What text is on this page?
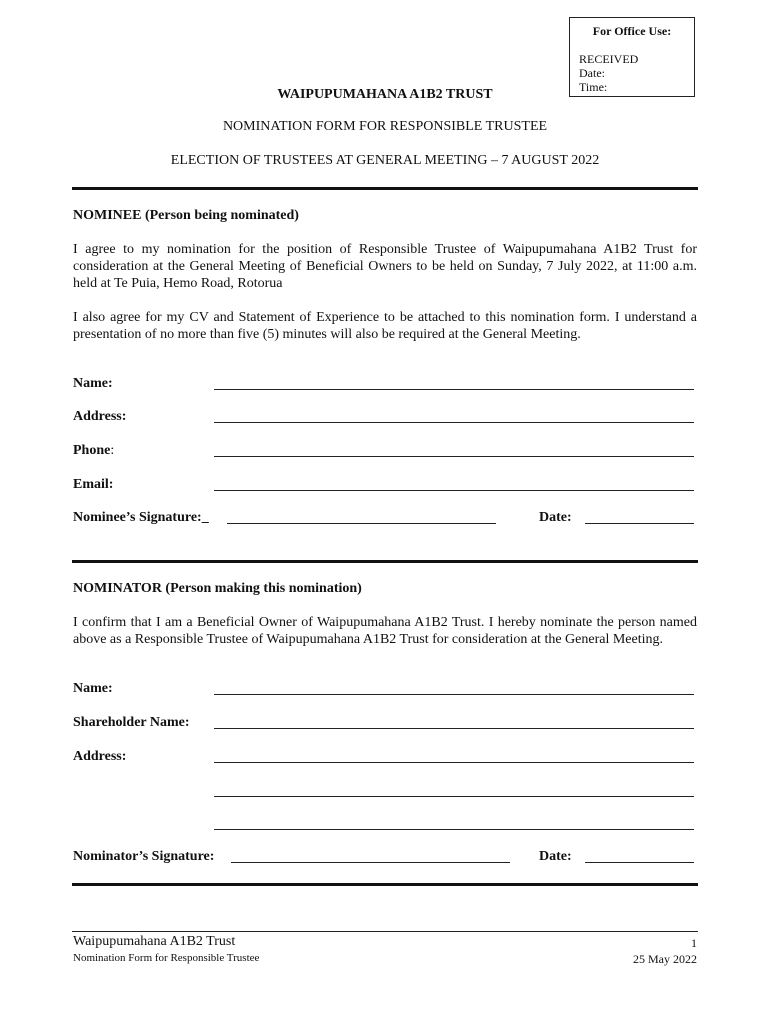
For Office Use:
RECEIVED
Date:
Time:
WAIPUPUMAHANA A1B2 TRUST
NOMINATION FORM FOR RESPONSIBLE TRUSTEE
ELECTION OF TRUSTEES AT GENERAL MEETING – 7 AUGUST 2022
NOMINEE (Person being nominated)
I agree to my nomination for the position of Responsible Trustee of Waipupumahana A1B2 Trust for consideration at the General Meeting of Beneficial Owners to be held on Sunday, 7 July 2022, at 11:00 a.m. held at Te Puia, Hemo Road, Rotorua
I also agree for my CV and Statement of Experience to be attached to this nomination form. I understand a presentation of no more than five (5) minutes will also be required at the General Meeting.
Name:
Address:
Phone:
Email:
Nominee’s Signature:_	Date:
NOMINATOR (Person making this nomination)
I confirm that I am a Beneficial Owner of Waipupumahana A1B2 Trust. I hereby nominate the person named above as a Responsible Trustee of Waipupumahana A1B2 Trust for consideration at the General Meeting.
Name:
Shareholder Name:
Address:
Nominator’s Signature:	Date:
Waipupumahana A1B2 Trust
Nomination Form for Responsible Trustee
1
25 May 2022
